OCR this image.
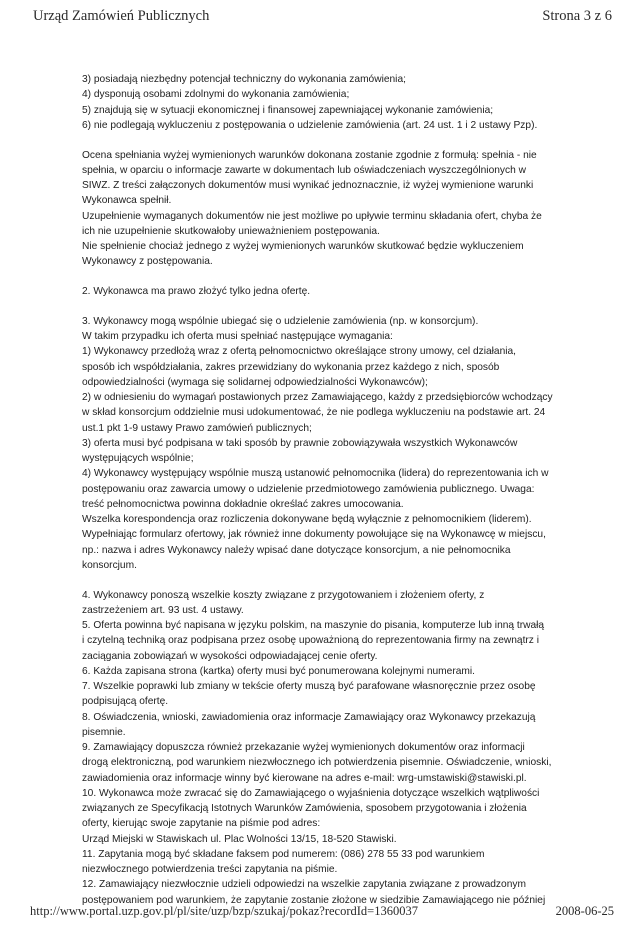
Urząd Zamówień Publicznych	Strona 3 z 6

3) posiadają niezbędny potencjał techniczny do wykonania zamówienia;

4) dysponują osobami zdolnymi do wykonania zamówienia;

5) znajdują się w sytuacji ekonomicznej i finansowej zapewniającej wykonanie zamówienia;

6) nie podlegają wykluczeniu z postępowania o udzielenie zamówienia (art. 24 ust. 1 i 2 ustawy Pzp).

Ocena spełniania wyżej wymienionych warunków dokonana zostanie zgodnie z formułą: spełnia - nie

spełnia, w oparciu o informacje zawarte w dokumentach lub oświadczeniach wyszczególnionych w

SIWZ. Z treści załączonych dokumentów musi wynikać jednoznacznie, iż wyżej wymienione warunki

Wykonawca spełnił.

Uzupełnienie wymaganych dokumentów nie jest możliwe po upływie terminu składania ofert, chyba że

ich nie uzupełnienie skutkowałoby unieważnieniem postępowania.

Nie spełnienie chociaż jednego z wyżej wymienionych warunków skutkować będzie wykluczeniem

Wykonawcy z postępowania.

2. Wykonawca ma prawo złożyć tylko jedna ofertę.

3. Wykonawcy mogą wspólnie ubiegać się o udzielenie zamówienia (np. w konsorcjum).

W takim przypadku ich oferta musi spełniać następujące wymagania:

1) Wykonawcy przedłożą wraz z ofertą pełnomocnictwo określające strony umowy, cel działania,

sposób ich współdziałania, zakres przewidziany do wykonania przez każdego z nich, sposób

odpowiedzialności (wymaga się solidarnej odpowiedzialności Wykonawców);

2) w odniesieniu do wymagań postawionych przez Zamawiającego, każdy z przedsiębiorców wchodzący

w skład konsorcjum oddzielnie musi udokumentować, że nie podlega wykluczeniu na podstawie art. 24

ust.1 pkt 1-9 ustawy Prawo zamówień publicznych;

3) oferta musi być podpisana w taki sposób by prawnie zobowiązywała wszystkich Wykonawców

występujących wspólnie;

4) Wykonawcy występujący wspólnie muszą ustanowić pełnomocnika (lidera) do reprezentowania ich w

postępowaniu oraz zawarcia umowy o udzielenie przedmiotowego zamówienia publicznego. Uwaga:

treść pełnomocnictwa powinna dokładnie określać zakres umocowania.

Wszelka korespondencja oraz rozliczenia dokonywane będą wyłącznie z pełnomocnikiem (liderem).

Wypełniając formularz ofertowy, jak również inne dokumenty powołujące się na Wykonawcę w miejscu,

np.: nazwa i adres Wykonawcy należy wpisać dane dotyczące konsorcjum, a nie pełnomocnika

konsorcjum.

4. Wykonawcy ponoszą wszelkie koszty związane z przygotowaniem i złożeniem oferty, z

zastrzeżeniem art. 93 ust. 4 ustawy.

5. Oferta powinna być napisana w języku polskim, na maszynie do pisania, komputerze lub inną trwałą

i czytelną techniką oraz podpisana przez osobę upoważnioną do reprezentowania firmy na zewnątrz i

zaciągania zobowiązań w wysokości odpowiadającej cenie oferty.

6. Każda zapisana strona (kartka) oferty musi być ponumerowana kolejnymi numerami.

7. Wszelkie poprawki lub zmiany w tekście oferty muszą być parafowane własnoręcznie przez osobę

podpisującą ofertę.

8. Oświadczenia, wnioski, zawiadomienia oraz informacje Zamawiający oraz Wykonawcy przekazują

pisemnie.

9. Zamawiający dopuszcza również przekazanie wyżej wymienionych dokumentów oraz informacji

drogą elektroniczną, pod warunkiem niezwłocznego ich potwierdzenia pisemnie. Oświadczenie, wnioski,

zawiadomienia oraz informacje winny być kierowane na adres e-mail: wrg-umstawiski@stawiski.pl.

10. Wykonawca może zwracać się do Zamawiającego o wyjaśnienia dotyczące wszelkich wątpliwości

związanych ze Specyfikacją Istotnych Warunków Zamówienia, sposobem przygotowania i złożenia

oferty, kierując swoje zapytanie na piśmie pod adres:

Urząd Miejski w Stawiskach ul. Plac Wolności 13/15, 18-520 Stawiski.

11. Zapytania mogą być składane faksem pod numerem: (086) 278 55 33 pod warunkiem

niezwłocznego potwierdzenia treści zapytania na piśmie.

12. Zamawiający niezwłocznie udzieli odpowiedzi na wszelkie zapytania związane z prowadzonym

postępowaniem pod warunkiem, że zapytanie zostanie złożone w siedzibie Zamawiającego nie później

http://www.portal.uzp.gov.pl/pl/site/uzp/bzp/szukaj/pokaz?recordId=1360037	2008-06-25
